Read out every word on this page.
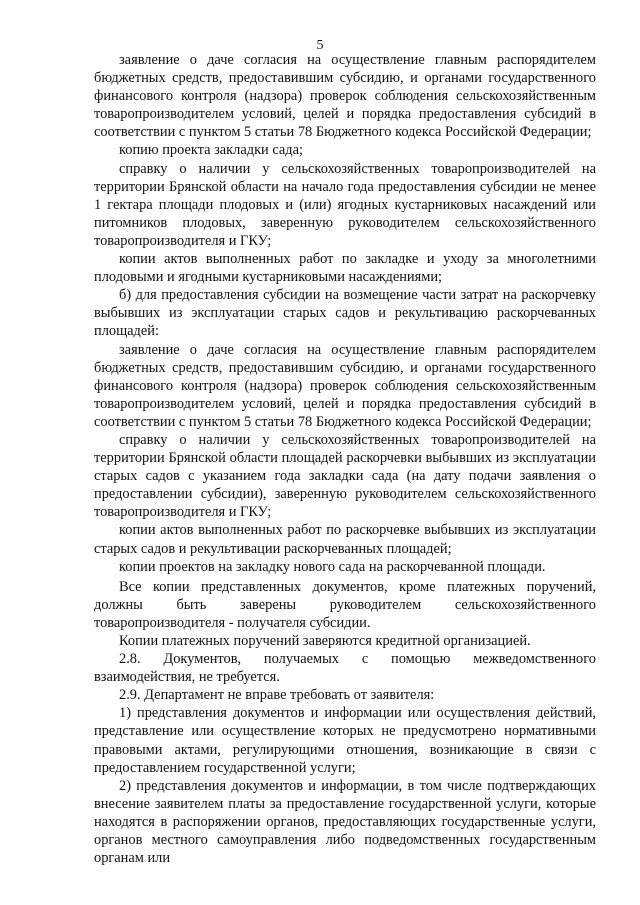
5

заявление о даче согласия на осуществление главным распорядителем бюджетных средств, предоставившим субсидию, и органами государственного финансового контроля (надзора) проверок соблюдения сельскохозяйственным товаропроизводителем условий, целей и порядка предоставления субсидий в соответствии с пунктом 5 статьи 78 Бюджетного кодекса Российской Федерации;

копию проекта закладки сада;

справку о наличии у сельскохозяйственных товаропроизводителей на территории Брянской области на начало года предоставления субсидии не менее 1 гектара площади плодовых и (или) ягодных кустарниковых насаждений или питомников плодовых, заверенную руководителем сельскохозяйственного товаропроизводителя и ГКУ;

копии актов выполненных работ по закладке и уходу за многолетними плодовыми и ягодными кустарниковыми насаждениями;

б) для предоставления субсидии на возмещение части затрат на раскорчевку выбывших из эксплуатации старых садов и рекультивацию раскорчеванных площадей:

заявление о даче согласия на осуществление главным распорядителем бюджетных средств, предоставившим субсидию, и органами государственного финансового контроля (надзора) проверок соблюдения сельскохозяйственным товаропроизводителем условий, целей и порядка предоставления субсидий в соответствии с пунктом 5 статьи 78 Бюджетного кодекса Российской Федерации;

справку о наличии у сельскохозяйственных товаропроизводителей на территории Брянской области площадей раскорчевки выбывших из эксплуатации старых садов с указанием года закладки сада (на дату подачи заявления о предоставлении субсидии), заверенную руководителем сельскохозяйственного товаропроизводителя и ГКУ;

копии актов выполненных работ по раскорчевке выбывших из эксплуатации старых садов и рекультивации раскорчеванных площадей;

копии проектов на закладку нового сада на раскорчеванной площади.

Все копии представленных документов, кроме платежных поручений, должны быть заверены руководителем сельскохозяйственного товаропроизводителя - получателя субсидии.

Копии платежных поручений заверяются кредитной организацией.

2.8. Документов, получаемых с помощью межведомственного взаимодействия, не требуется.

2.9. Департамент не вправе требовать от заявителя:

1) представления документов и информации или осуществления действий, представление или осуществление которых не предусмотрено нормативными правовыми актами, регулирующими отношения, возникающие в связи с предоставлением государственной услуги;

2) представления документов и информации, в том числе подтверждающих внесение заявителем платы за предоставление государственной услуги, которые находятся в распоряжении органов, предоставляющих государственные услуги, органов местного самоуправления либо подведомственных государственным органам или
